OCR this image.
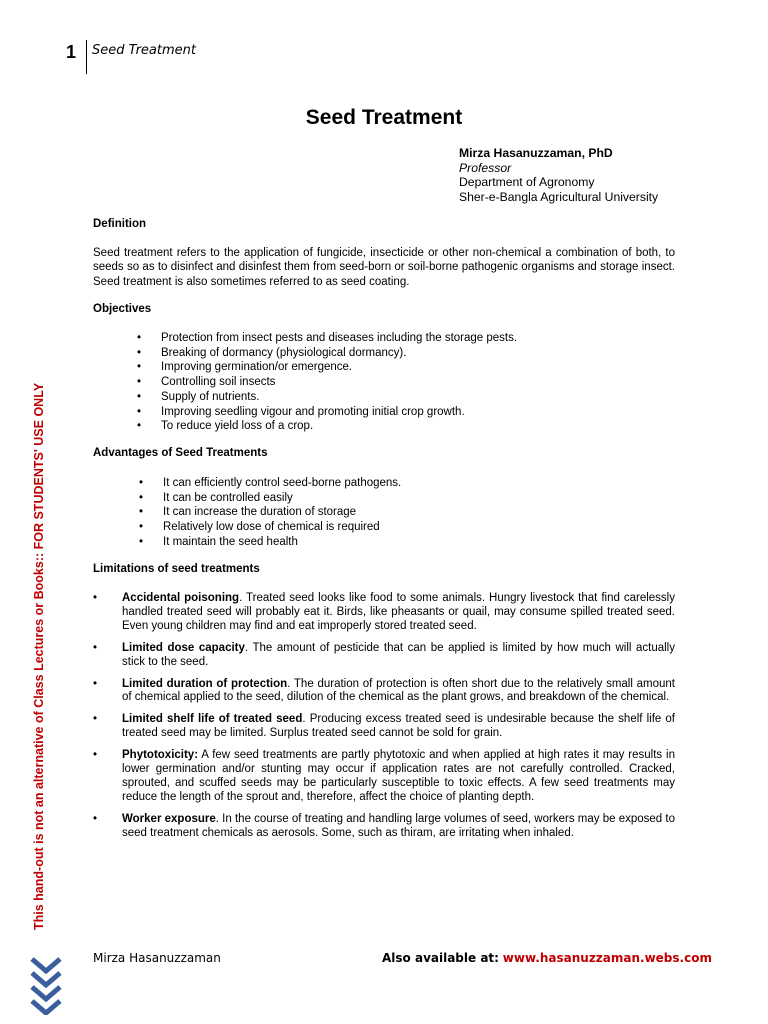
1 Seed Treatment
Seed Treatment
Mirza Hasanuzzaman, PhD
Professor
Department of Agronomy
Sher-e-Bangla Agricultural University
Definition

Seed treatment refers to the application of fungicide, insecticide or other non-chemical a combination of both, to seeds so as to disinfect and disinfest them from seed-born or soil-borne pathogenic organisms and storage insect. Seed treatment is also sometimes referred to as seed coating.

Objectives
• Protection from insect pests and diseases including the storage pests.
• Breaking of dormancy (physiological dormancy).
• Improving germination/or emergence.
• Controlling soil insects
• Supply of nutrients.
• Improving seedling vigour and promoting initial crop growth.
• To reduce yield loss of a crop.
Advantages of Seed Treatments
• It can efficiently control seed-borne pathogens.
• It can be controlled easily
• It can increase the duration of storage
• Relatively low dose of chemical is required
• It maintain the seed health
Limitations of seed treatments
• Accidental poisoning. Treated seed looks like food to some animals. Hungry livestock that find carelessly handled treated seed will probably eat it. Birds, like pheasants or quail, may consume spilled treated seed. Even young children may find and eat improperly stored treated seed.
• Limited dose capacity. The amount of pesticide that can be applied is limited by how much will actually stick to the seed.
• Limited duration of protection. The duration of protection is often short due to the relatively small amount of chemical applied to the seed, dilution of the chemical as the plant grows, and breakdown of the chemical.
• Limited shelf life of treated seed. Producing excess treated seed is undesirable because the shelf life of treated seed may be limited. Surplus treated seed cannot be sold for grain.
• Phytotoxicity: A few seed treatments are partly phytotoxic and when applied at high rates it may results in lower germination and/or stunting may occur if application rates are not carefully controlled. Cracked, sprouted, and scuffed seeds may be particularly susceptible to toxic effects. A few seed treatments may reduce the length of the sprout and, therefore, affect the choice of planting depth.
• Worker exposure. In the course of treating and handling large volumes of seed, workers may be exposed to seed treatment chemicals as aerosols. Some, such as thiram, are irritating when inhaled.
This hand-out is not an alternative of Class Lectures or Books:: FOR STUDENTS' USE ONLY
Mirza Hasanuzzaman	Also available at: www.hasanuzzaman.webs.com
